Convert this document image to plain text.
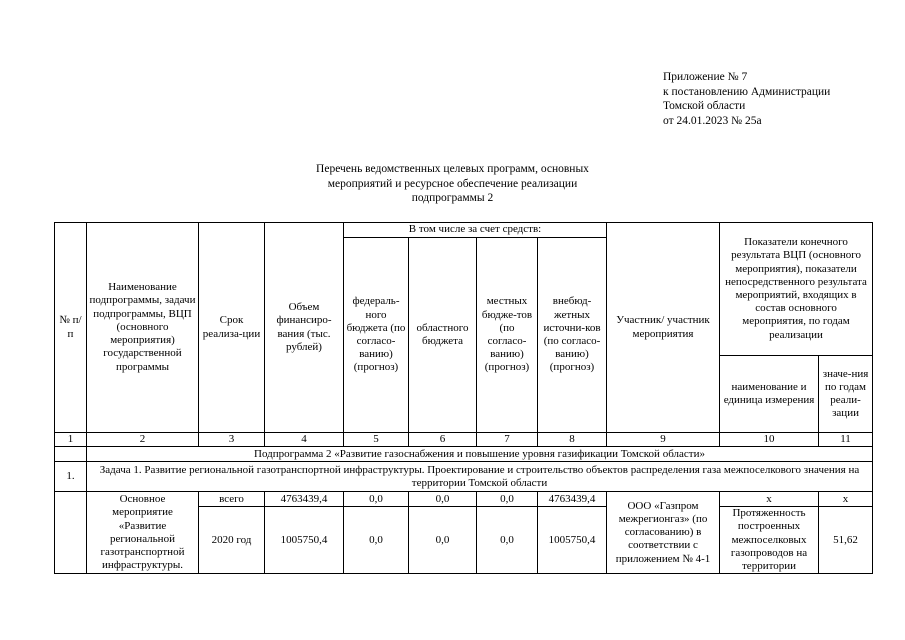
Приложение № 7
к постановлению Администрации
Томской области
от 24.01.2023 № 25а
Перечень ведомственных целевых программ, основных
мероприятий и ресурсное обеспечение реализации
подпрограммы 2
№ п/п	Наименование подпрограммы, задачи подпрограммы, ВЦП (основного мероприятия) государственной программы	Срок реализа-ции	Объем финансиро-вания (тыс. рублей)	В том числе за счет средств:				Участник/ участник мероприятия	Показатели конечного результата ВЦП (основного мероприятия), показатели непосредственного результата мероприятий, входящих в состав основного мероприятия, по годам реализации	
				федераль-ного бюджета (по согласо-ванию) (прогноз)	областного бюджета	местных бюдже-тов (по согласо-ванию) (прогноз)	внебюд-жетных источни-ков (по согласо-ванию) (прогноз)			
									наименование и единица измерения	значе-ния по годам реали-зации
1	2	3	4	5	6	7	8	9	10	11
	Подпрограмма 2 «Развитие газоснабжения и повышение уровня газификации Томской области»									
1.	Задача 1. Развитие региональной газотранспортной инфраструктуры. Проектирование и строительство объектов распределения газа межпоселкового значения на территории Томской области									
	Основное мероприятие «Развитие региональной газотранспортной инфраструктуры.	всего	4763439,4	0,0	0,0	0,0	4763439,4	ООО «Газпром межрегионгаз» (по согласованию) в соответствии с приложением № 4-1	x	x
		2020 год	1005750,4	0,0	0,0	0,0	1005750,4		Протяженность построенных межпоселковых газопроводов на территории	51,62
